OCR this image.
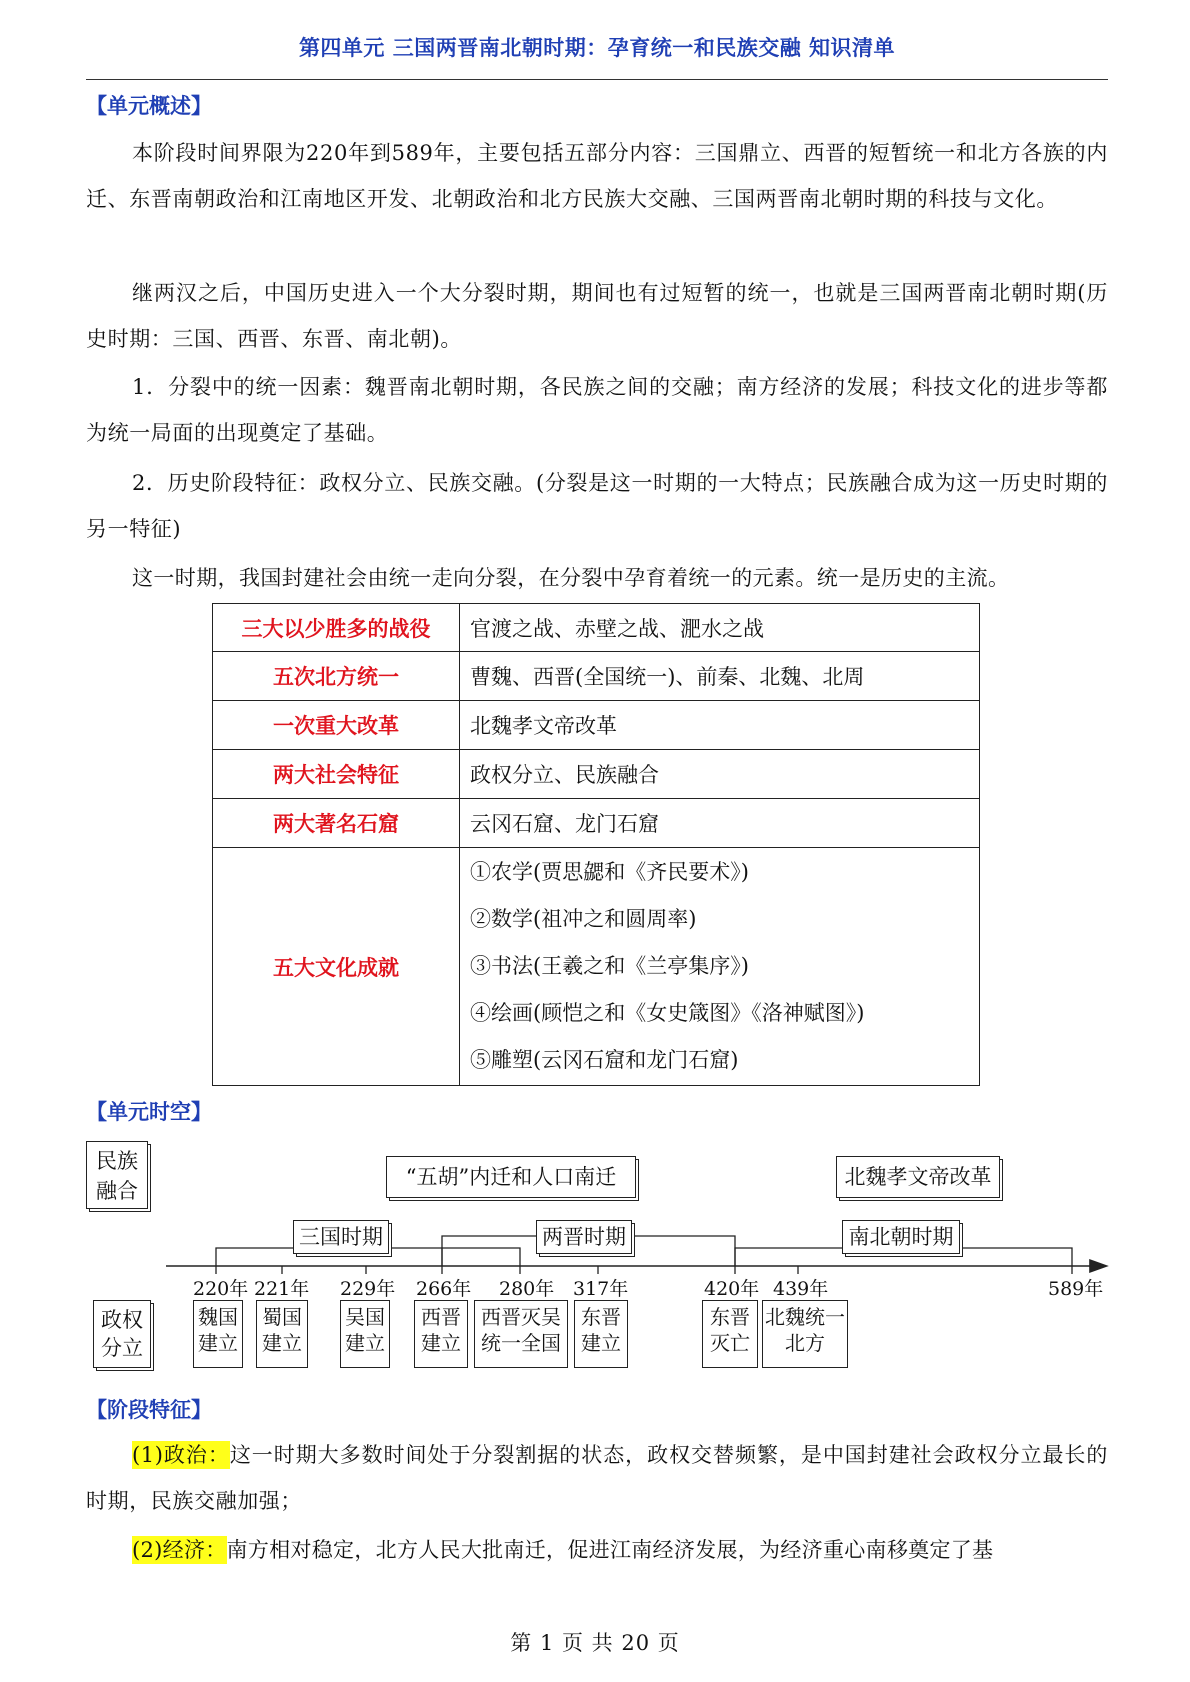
第四单元 三国两晋南北朝时期：孕育统一和民族交融 知识清单
【单元概述】
本阶段时间界限为220年到589年，主要包括五部分内容：三国鼎立、西晋的短暂统一和北方各族的内迁、东晋南朝政治和江南地区开发、北朝政治和北方民族大交融、三国两晋南北朝时期的科技与文化。
继两汉之后，中国历史进入一个大分裂时期，期间也有过短暂的统一，也就是三国两晋南北朝时期(历史时期：三国、西晋、东晋、南北朝)。
1．分裂中的统一因素：魏晋南北朝时期，各民族之间的交融；南方经济的发展；科技文化的进步等都为统一局面的出现奠定了基础。
2．历史阶段特征：政权分立、民族交融。(分裂是这一时期的一大特点；民族融合成为这一历史时期的另一特征)
这一时期，我国封建社会由统一走向分裂，在分裂中孕育着统一的元素。统一是历史的主流。
三大以少胜多的战役	官渡之战、赤壁之战、淝水之战
五次北方统一	曹魏、西晋(全国统一)、前秦、北魏、北周
一次重大改革	北魏孝文帝改革
两大社会特征	政权分立、民族融合
两大著名石窟	云冈石窟、龙门石窟
五大文化成就	①农学(贾思勰和《齐民要术》)
②数学(祖冲之和圆周率)
③书法(王羲之和《兰亭集序》)
④绘画(顾恺之和《女史箴图》《洛神赋图》)
⑤雕塑(云冈石窟和龙门石窟)
【单元时空】
民族融合
“五胡”内迁和人口南迁	北魏孝文帝改革
三国时期	两晋时期	南北朝时期
220年 221年 229年 266年 280年 317年	420年 439年	589年
政权分立
魏国
建立
蜀国
建立
吴国
建立
西晋
建立
西晋灭吴
统一全国
东晋
建立
东晋
灭亡
北魏统一
北方
【阶段特征】
(1)政治：这一时期大多数时间处于分裂割据的状态，政权交替频繁，是中国封建社会政权分立最长的时期，民族交融加强；
(2)经济：南方相对稳定，北方人民大批南迁，促进江南经济发展，为经济重心南移奠定了基
第 1 页 共 20 页
